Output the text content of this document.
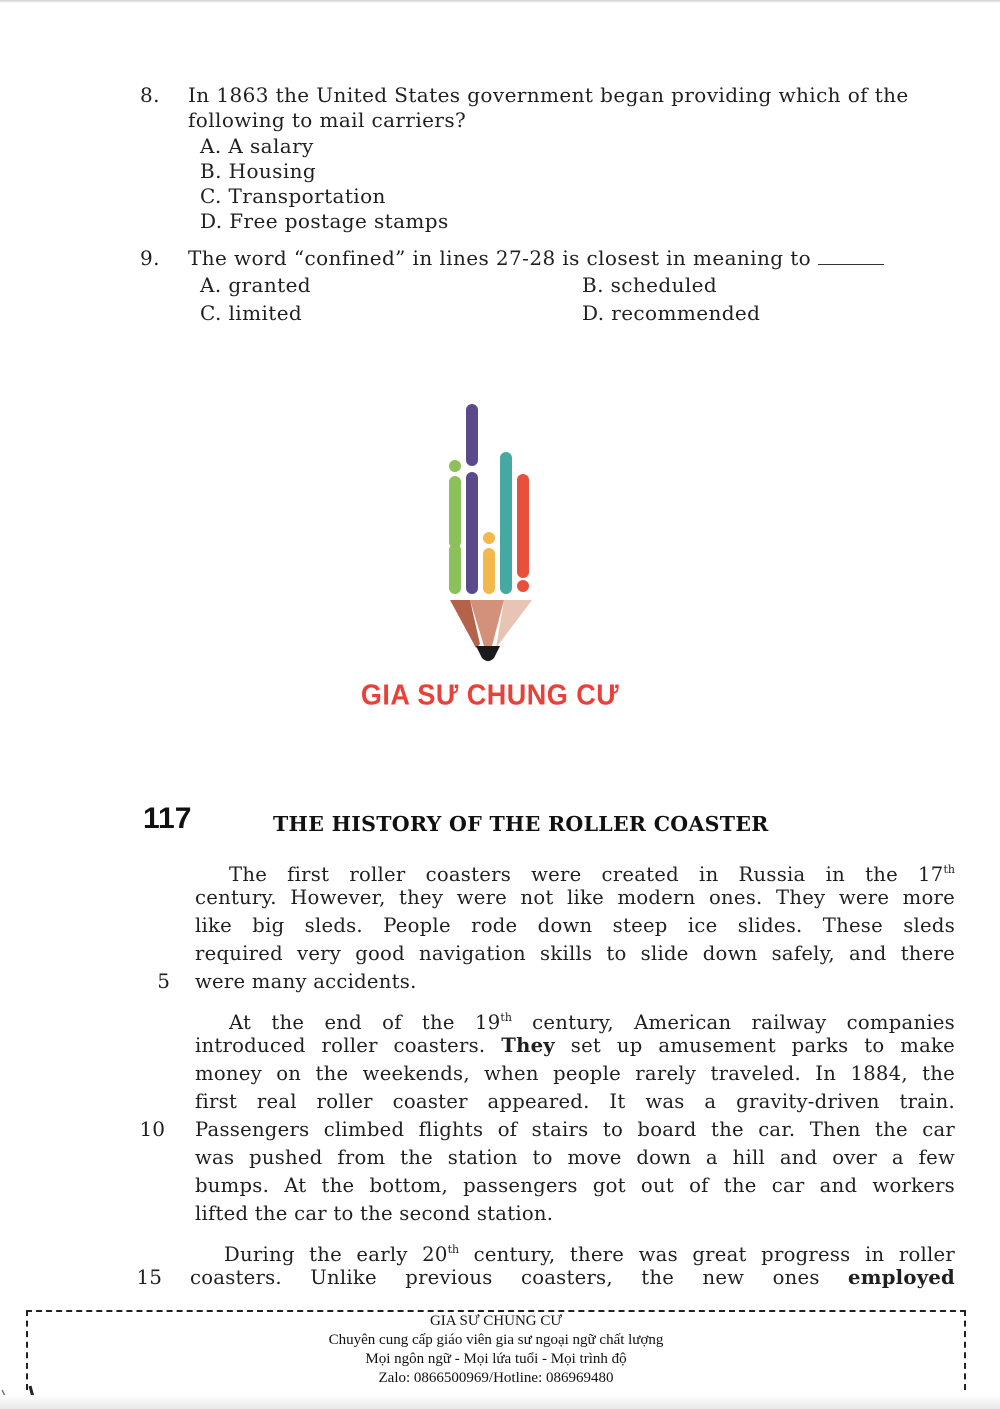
8. In 1863 the United States government began providing which of the
following to mail carriers?
A. A salary
B. Housing
C. Transportation
D. Free postage stamps
9. The word “confined” in lines 27-28 is closest in meaning to
A. granted	B. scheduled
C. limited	D. recommended
GIA SƯ CHUNG CƯ
117	THE HISTORY OF THE ROLLER COASTER
The first roller coasters were created in Russia in the 17th
century. However, they were not like modern ones. They were more
like big sleds. People rode down steep ice slides. These sleds
required very good navigation skills to slide down safely, and there
were many accidents.
At the end of the 19th century, American railway companies
introduced roller coasters. They set up amusement parks to make
money on the weekends, when people rarely traveled. In 1884, the
first real roller coaster appeared. It was a gravity-driven train.
Passengers climbed flights of stairs to board the car. Then the car
was pushed from the station to move down a hill and over a few
bumps. At the bottom, passengers got out of the car and workers
lifted the car to the second station.
During the early 20th century, there was great progress in roller
coasters. Unlike previous coasters, the new ones employed
5
10
15
GIA SƯ CHUNG CƯ
Chuyên cung cấp giáo viên gia sư ngoại ngữ chất lượng
Mọi ngôn ngữ - Mọi lứa tuổi - Mọi trình độ
Zalo: 0866500969/Hotline: 086969480
